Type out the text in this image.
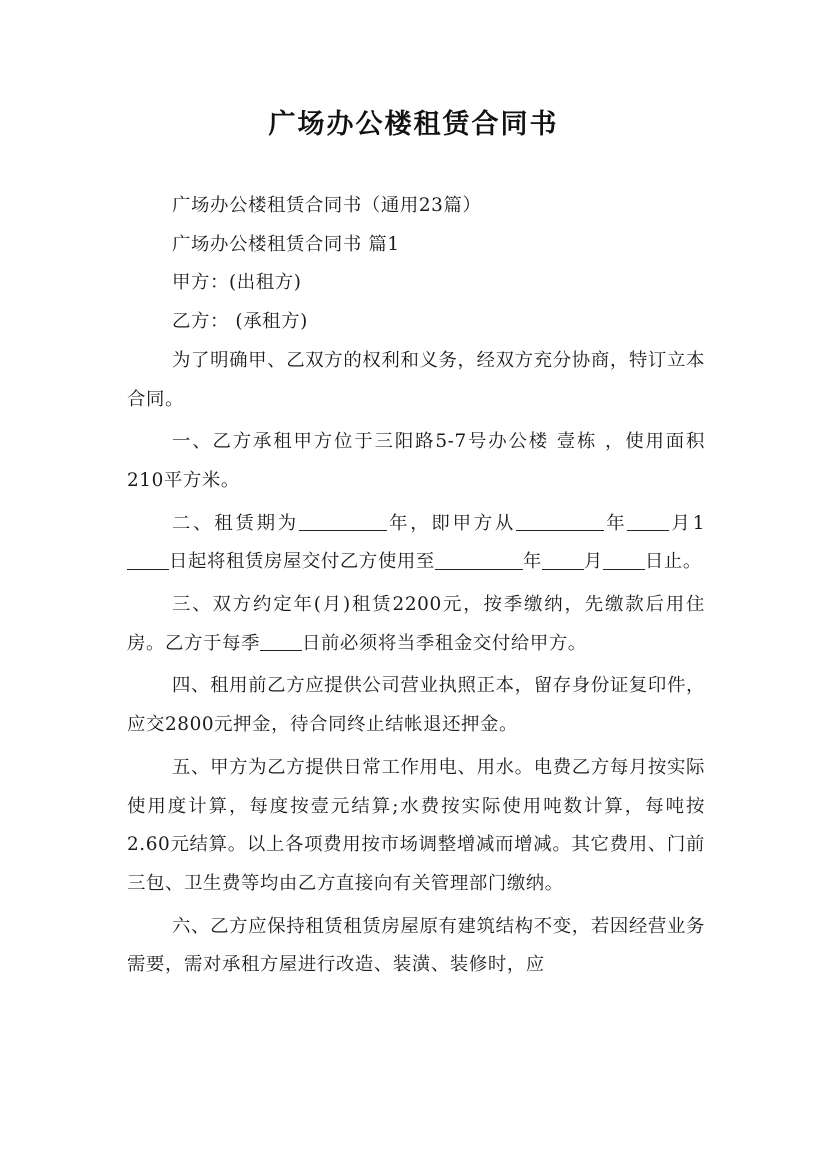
广场办公楼租赁合同书

广场办公楼租赁合同书（通用23篇）

广场办公楼租赁合同书 篇1

甲方：(出租方)

乙方： (承租方)

为了明确甲、乙双方的权利和义务，经双方充分协商，特订立本合同。

一、乙方承租甲方位于三阳路5-7号办公楼 壹栋 ，使用面积210平方米。

二、租赁期为	年，即甲方从	年 月1日起将租赁房屋交付乙方使用至	年 月 日止。

三、双方约定年(月)租赁2200元，按季缴纳，先缴款后用住房。乙方于每季 日前必须将当季租金交付给甲方。

四、租用前乙方应提供公司营业执照正本，留存身份证复印件，应交2800元押金，待合同终止结帐退还押金。

五、甲方为乙方提供日常工作用电、用水。电费乙方每月按实际使用度计算，每度按壹元结算;水费按实际使用吨数计算，每吨按2.60元结算。以上各项费用按市场调整增减而增减。其它费用、门前三包、卫生费等均由乙方直接向有关管理部门缴纳。

六、乙方应保持租赁租赁房屋原有建筑结构不变，若因经营业务需要，需对承租方屋进行改造、装潢、装修时，应
